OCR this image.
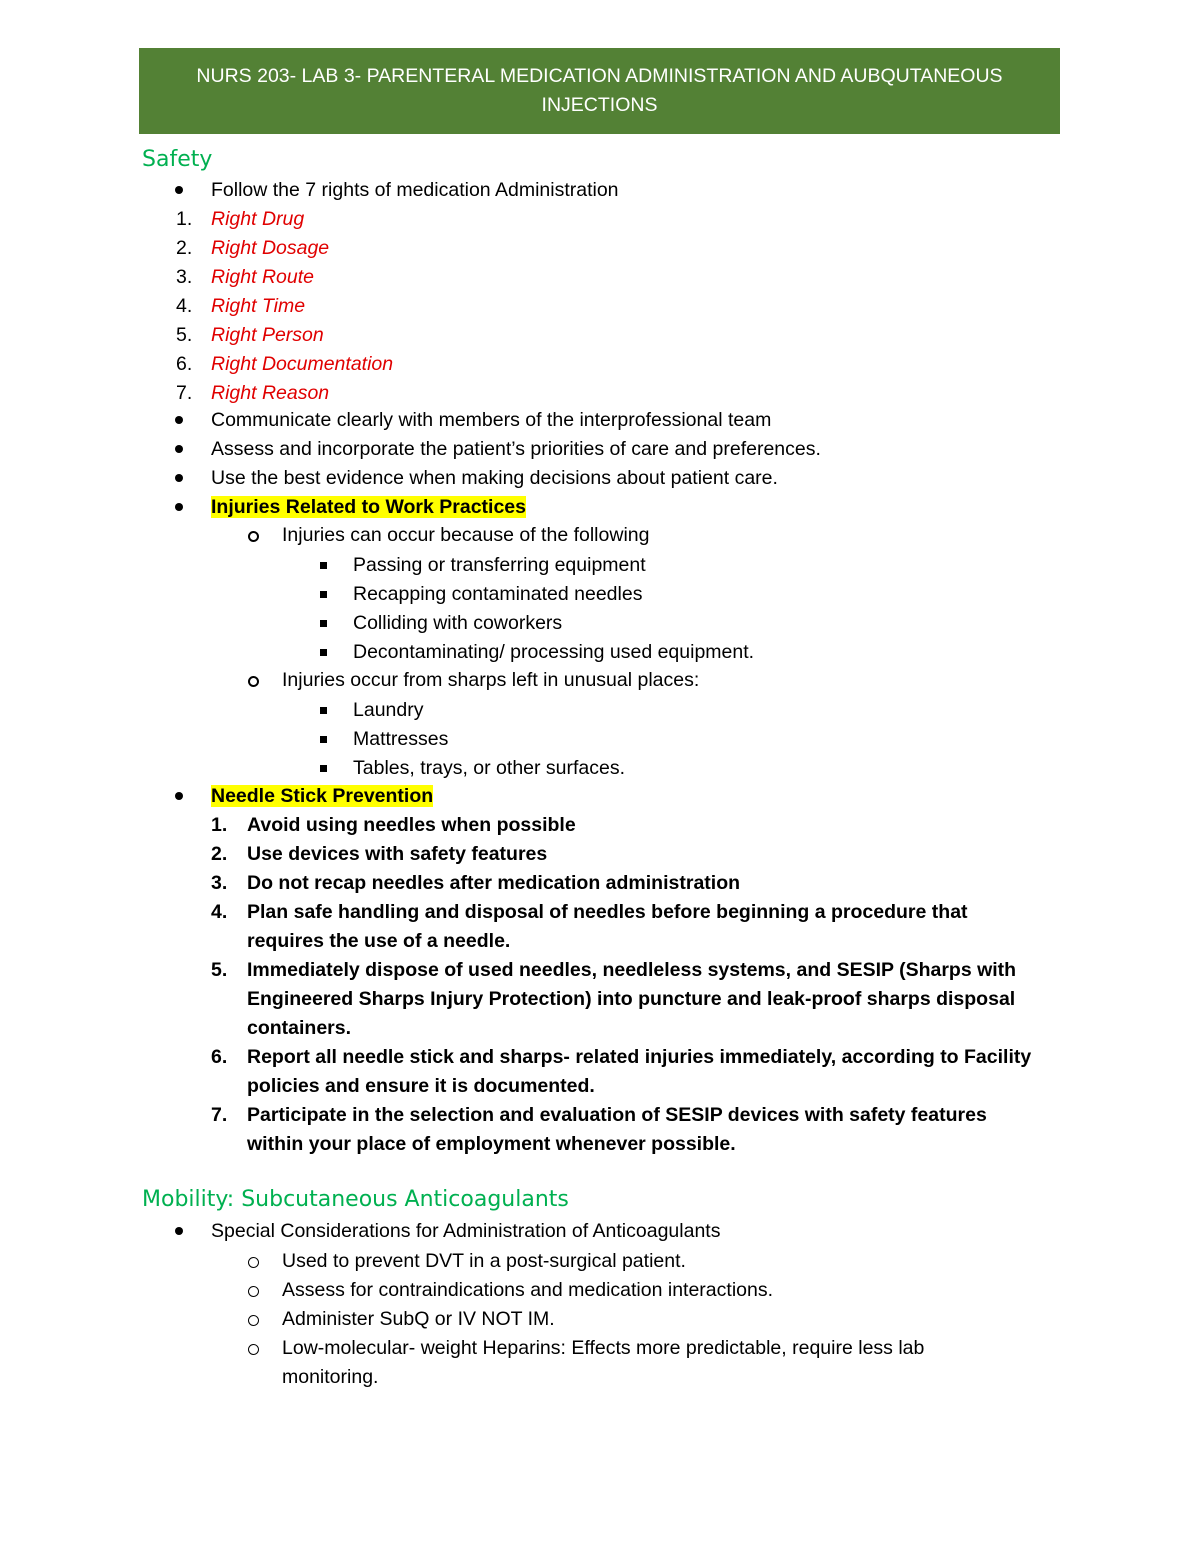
NURS 203- LAB 3- PARENTERAL MEDICATION ADMINISTRATION AND AUBQUTANEOUS
INJECTIONS
Safety
Follow the 7 rights of medication Administration
1. Right Drug
2. Right Dosage
3. Right Route
4. Right Time
5. Right Person
6. Right Documentation
7. Right Reason
Communicate clearly with members of the interprofessional team
Assess and incorporate the patient’s priorities of care and preferences.
Use the best evidence when making decisions about patient care.
Injuries Related to Work Practices
Injuries can occur because of the following
Passing or transferring equipment
Recapping contaminated needles
Colliding with coworkers
Decontaminating/ processing used equipment.
Injuries occur from sharps left in unusual places:
Laundry
Mattresses
Tables, trays, or other surfaces.
Needle Stick Prevention
1. Avoid using needles when possible
2. Use devices with safety features
3. Do not recap needles after medication administration
4. Plan safe handling and disposal of needles before beginning a procedure that
requires the use of a needle.
5. Immediately dispose of used needles, needleless systems, and SESIP (Sharps with
Engineered Sharps Injury Protection) into puncture and leak-proof sharps disposal
containers.
6. Report all needle stick and sharps- related injuries immediately, according to Facility
policies and ensure it is documented.
7. Participate in the selection and evaluation of SESIP devices with safety features
within your place of employment whenever possible.
Mobility: Subcutaneous Anticoagulants
Special Considerations for Administration of Anticoagulants
Used to prevent DVT in a post-surgical patient.
Assess for contraindications and medication interactions.
Administer SubQ or IV NOT IM.
Low-molecular- weight Heparins: Effects more predictable, require less lab
monitoring.
